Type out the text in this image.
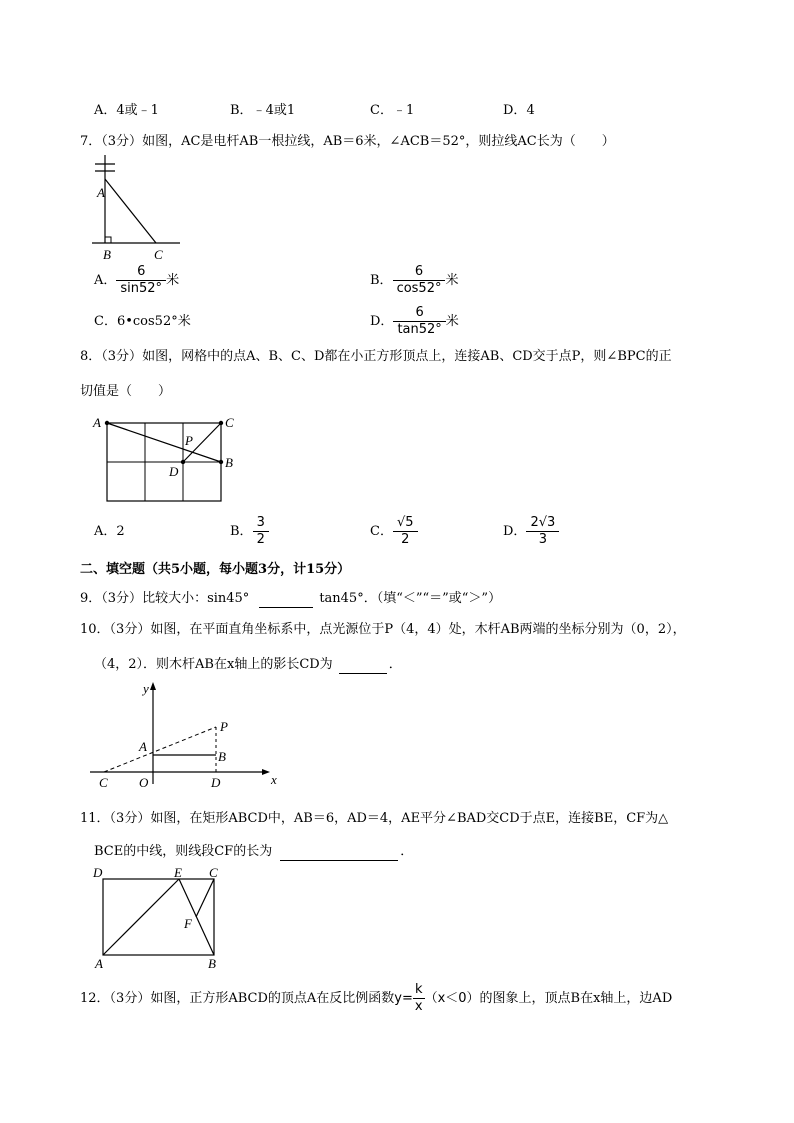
A．4或﹣1	B．﹣4或1	C．﹣1	D．4
7．（3分）如图，AC是电杆AB一根拉线，AB＝6米，∠ACB＝52°，则拉线AC长为（　　）
A
B	C
A． $\frac{6}{\sin 52^\circ}$ 米	B． $\frac{6}{\cos 52^\circ}$ 米
C．6•cos52°米	D． $\frac{6}{\tan 52^\circ}$ 米
8．（3分）如图，网格中的点A、B、C、D都在小正方形顶点上，连接AB、CD交于点P，则∠BPC的正
切值是（　　）
A	C
B
D
P
A．2	B． $\frac{3}{2}$	C． $\frac{√5}{2}$	D． $\frac{2√3}{3}$
二、填空题（共5小题，每小题3分，计15分）
9．（3分）比较大小：sin45°	tan45°．（填“＜”“＝”或“＞”）
10．（3分）如图，在平面直角坐标系中，点光源位于P（4，4）处，木杆AB两端的坐标分别为（0，2），
（4，2）．则木杆AB在x轴上的影长CD为	．
y
x
P
A
B
C O	D
11．（3分）如图，在矩形ABCD中，AB＝6，AD＝4，AE平分∠BAD交CD于点E，连接BE，CF为△
BCE的中线，则线段CF的长为	．
D	E C
F
A	B
12．（3分）如图，正方形ABCD的顶点A在反比例函数$y= \frac{k}{x} (x<0)$的图象上，顶点B在x轴上，边AD
